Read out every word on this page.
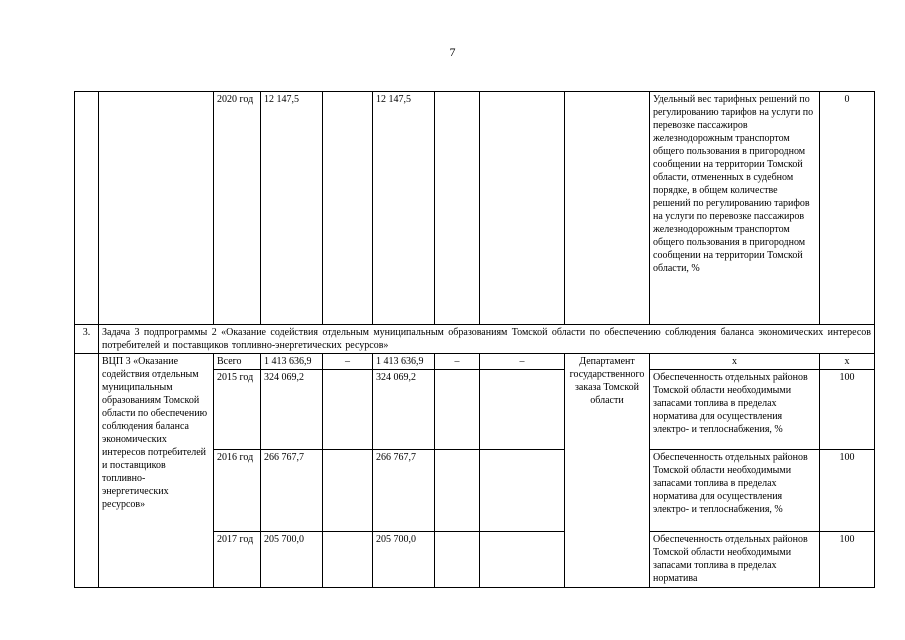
7
		2020 год	12 147,5		12 147,5				Удельный вес тарифных решений по регулированию тарифов на услуги по перевозке пассажиров железнодорожным транспортом общего пользования в пригородном сообщении на территории Томской области, отмененных в судебном порядке, в общем количестве решений по регулированию тарифов на услуги по перевозке пассажиров железнодорожным транспортом общего пользования в пригородном сообщении на территории Томской области, %	0
3.	Задача 3 подпрограммы 2 «Оказание содействия отдельным муниципальным образованиям Томской области по обеспечению соблюдения баланса экономических интересов потребителей и поставщиков топливно-энергетических ресурсов»									
	ВЦП 3 «Оказание содействия отдельным муниципальным образованиям Томской области по обеспечению соблюдения баланса экономических интересов потребителей и поставщиков топливно-энергетических ресурсов»	Всего	1 413 636,9	–	1 413 636,9	–	–	Департамент государственного заказа Томской области	x	x
		2015 год	324 069,2		324 069,2				Обеспеченность отдельных районов Томской области необходимыми запасами топлива в пределах норматива для осуществления электро- и теплоснабжения, %	100
		2016 год	266 767,7		266 767,7				Обеспеченность отдельных районов Томской области необходимыми запасами топлива в пределах норматива для осуществления электро- и теплоснабжения, %	100
		2017 год	205 700,0		205 700,0				Обеспеченность отдельных районов Томской области необходимыми запасами топлива в пределах норматива	100
